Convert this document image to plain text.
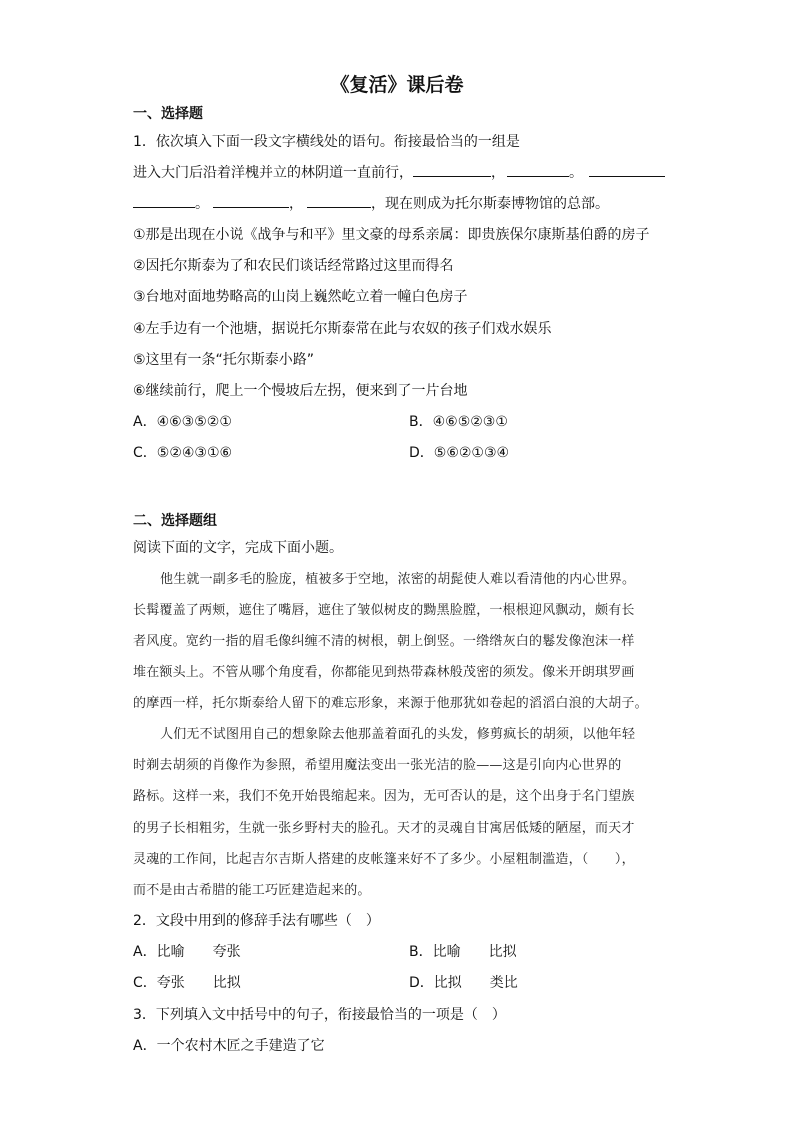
《复活》课后卷
一、选择题
1．依次填入下面一段文字横线处的语句。衔接最恰当的一组是
进入大门后沿着洋槐并立的林阴道一直前行，	，	。
。	，	，现在则成为托尔斯泰博物馆的总部。
①那是出现在小说《战争与和平》里文豪的母系亲属：即贵族保尔康斯基伯爵的房子
②因托尔斯泰为了和农民们谈话经常路过这里而得名
③台地对面地势略高的山岗上巍然屹立着一幢白色房子
④左手边有一个池塘，据说托尔斯泰常在此与农奴的孩子们戏水娱乐
⑤这里有一条“托尔斯泰小路”
⑥继续前行，爬上一个慢坡后左拐，便来到了一片台地
A．④⑥③⑤②①	B．④⑥⑤②③①
C．⑤②④③①⑥	D．⑤⑥②①③④
二、选择题组
阅读下面的文字，完成下面小题。
他生就一副多毛的脸庞，植被多于空地，浓密的胡髭使人难以看清他的内心世界。
长髯覆盖了两颊，遮住了嘴唇，遮住了皱似树皮的黝黑脸膛，一根根迎风飘动，颇有长
者风度。宽约一指的眉毛像纠缠不清的树根，朝上倒竖。一绺绺灰白的鬈发像泡沫一样
堆在额头上。不管从哪个角度看，你都能见到热带森林般茂密的须发。像米开朗琪罗画
的摩西一样，托尔斯泰给人留下的难忘形象，来源于他那犹如卷起的滔滔白浪的大胡子。
人们无不试图用自己的想象除去他那盖着面孔的头发，修剪疯长的胡须，以他年轻
时剃去胡须的肖像作为参照，希望用魔法变出一张光洁的脸——这是引向内心世界的
路标。这样一来，我们不免开始畏缩起来。因为，无可否认的是，这个出身于名门望族
的男子长相粗劣，生就一张乡野村夫的脸孔。天才的灵魂自甘寓居低矮的陋屋，而天才
灵魂的工作间，比起吉尔吉斯人搭建的皮帐篷来好不了多少。小屋粗制滥造，（　　），
而不是由古希腊的能工巧匠建造起来的。
2．文段中用到的修辞手法有哪些（　）
A．比喻　　夸张	B．比喻　　比拟
C．夸张　　比拟	D．比拟　　类比
3．下列填入文中括号中的句子，衔接最恰当的一项是（　）
A．一个农村木匠之手建造了它
